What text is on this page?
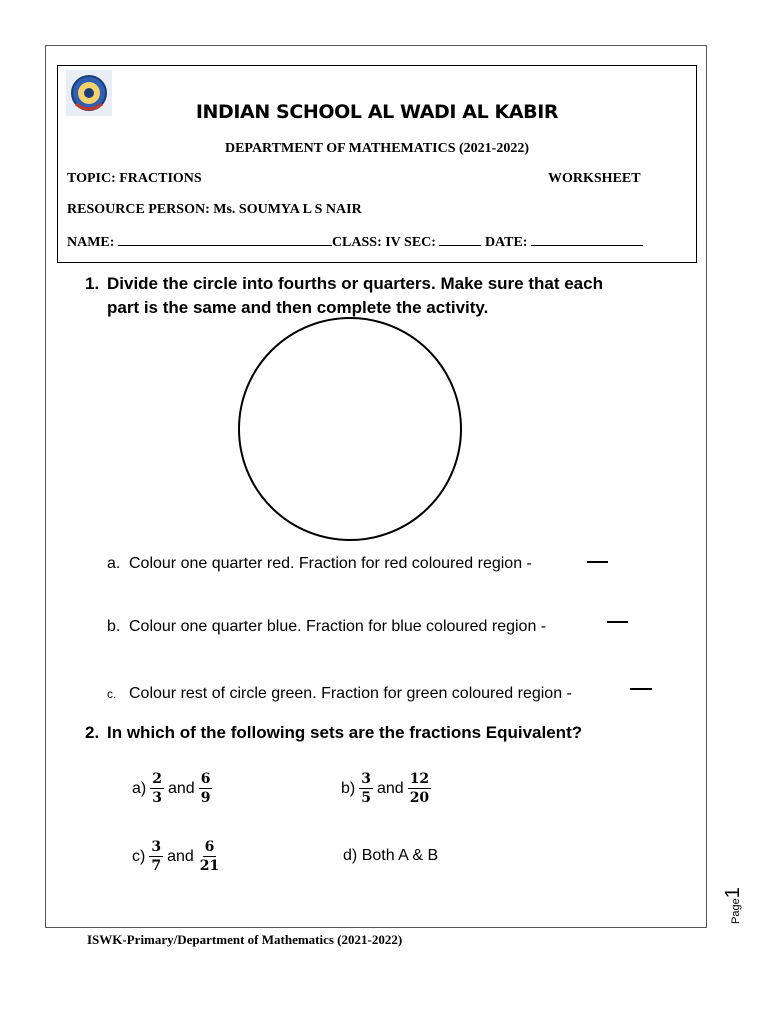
INDIAN SCHOOL AL WADI AL KABIR
DEPARTMENT OF MATHEMATICS (2021-2022)
TOPIC: FRACTIONS	WORKSHEET
RESOURCE PERSON: Ms. SOUMYA L S NAIR
NAME:	CLASS: IV SEC:	DATE:
1. Divide the circle into fourths or quarters. Make sure that each
part is the same and then complete the activity.
a. Colour one quarter red. Fraction for red coloured region -
b. Colour one quarter blue. Fraction for blue coloured region -
c. Colour rest of circle green. Fraction for green coloured region -
2. In which of the following sets are the fractions Equivalent?
$a) \frac{2}{3}$ and $\frac{6}{9}$	$b) \frac{3}{5}$ and $\frac{12}{20}$
$c) \frac{3}{7}$ and $\frac{6}{21}$	d)
Both A & B
ISWK-Primary/Department of Mathematics (2021-2022)
Page1
